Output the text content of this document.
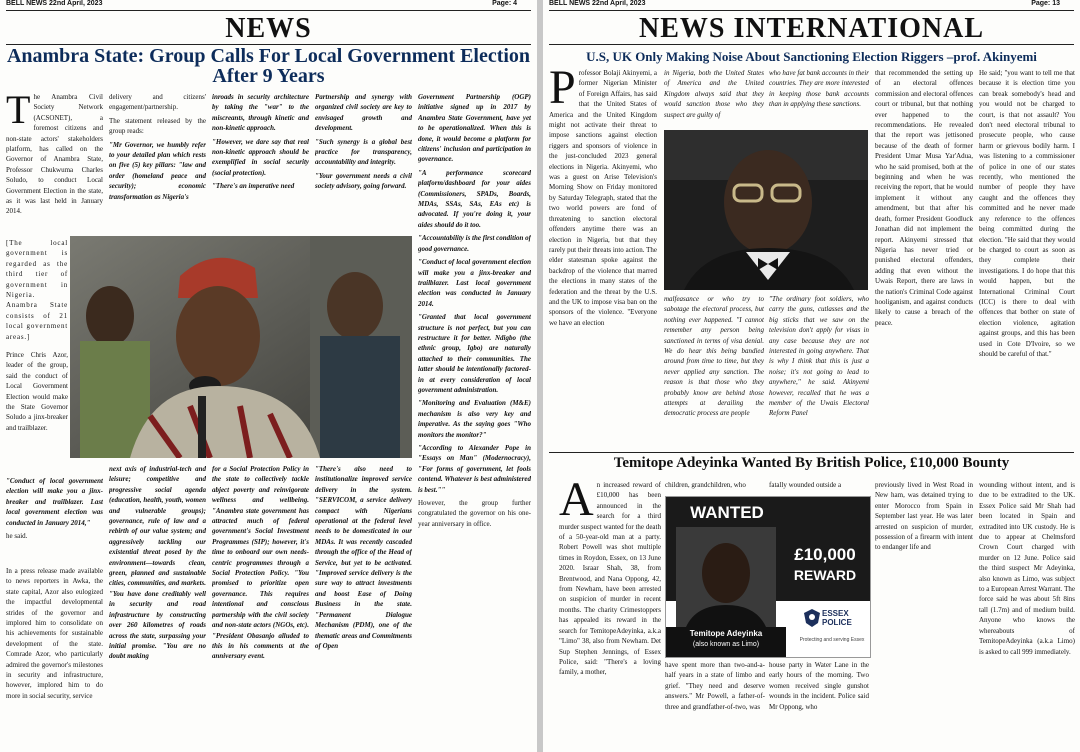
BELL NEWS 22nd April, 2023	Page: 4
NEWS
Anambra State: Group Calls For Local Government Election After 9 Years
The Anambra Civil Society Network (ACSONET), a foremost citizens and non-state actors' stakeholders platform, has called on the Governor of Anambra State, Professor Chukwuma Charles Soludo, to conduct Local Government Election in the state, as it was last held in January 2014.
[The local government is regarded as the third tier of government in Nigeria. Anambra State consists of 21 local government areas.]
Prince Chris Azor, leader of the group, said the conduct of Local Government Election would make the State Governor Soludo a jinx-breaker and trailblazer.

"Conduct of local government election will make you a jinx-breaker and trailblazer. Last local government election was conducted in January 2014,"

he said.

In a press release made available to news reporters in Awka, the state capital, Azor also eulogized the impactful developmental strides of the governor and implored him to consolidate on his achievements for sustainable development of the state. Comrade Azor, who particularly admired the governor's milestones in security and infrastructure, however, implored him to do more in social security, service

delivery and citizens' engagement/partnership.

The statement released by the group reads:

"Mr Governor, we humbly refer to your detailed plan which rests on five (5) key pillars: "law and order (homeland peace and security); economic transformation as Nigeria's

inroads in security architecture by taking the "war" to the miscreants, through kinetic and non-kinetic approach.

"However, we dare say that real non-kinetic approach should be exemplified in social security (social protection).

"There's an imperative need

Partnership and synergy with organized civil society are key to envisaged growth and development.

"Such synergy is a global best practice for transparency, accountability and integrity.

"Your government needs a civil society advisory, going forward.

next axis of industrial-tech and leisure; competitive and progressive social agenda (education, health, youth, women and vulnerable groups); governance, rule of law and a rebirth of our value system; and aggressively tackling our existential threat posed by the environment—towards clean, green, planned and sustainable cities, communities, and markets. "You have done creditably well in security and road infrastructure by constructing over 260 kilometres of roads across the state, surpassing your initial promise. "You are no doubt making
for a Social Protection Policy in the state to collectively tackle abject poverty and reinvigorate wellness and wellbeing. "Anambra state government has attracted much of federal government's Social Investment Programmes (SIP); however, it's time to onboard our own needs-centric programmes through a Social Protection Policy. "You promised to prioritize open governance. This requires intentional and conscious partnership with the civil society and non-state actors (NGOs, etc). "President Obasanjo alluded to this in his comments at the anniversary event.
"There's also need to institutionalize improved service delivery in the system. "SERVICOM, a service delivery compact with Nigerians operational at the federal level needs to be domesticated in our MDAs. It was recently cascaded through the office of the Head of Service, but yet to be activated. "Improved service delivery is the sure way to attract investments and boost Ease of Doing Business in the state. "Permanent Dialogue Mechanism (PDM), one of the thematic areas and Commitments of Open

Government Partnership (OGP) initiative signed up in 2017 by Anambra State Government, have yet to be operationalized. When this is done, it would become a platform for citizens' inclusion and participation in governance.

"A performance scorecard platform/dashboard for your aides (Commissioners, SPADs, Boards, MDAs, SSAs, SAs, EAs etc) is advocated. If you're doing it, your aides should do it too.

"Accountability is the first condition of good governance.

"Conduct of local government election will make you a jinx-breaker and trailblazer. Last local government election was conducted in January 2014.

"Granted that local government structure is not perfect, but you can restructure it for better. Ndigbo (the ethnic group, Igbo) are naturally attached to their communities. The latter should be intentionally factored-in at every consideration of local government administration.

"Monitoring and Evaluation (M&E) mechanism is also very key and imperative. As the saying goes "Who monitors the monitor?"

"According to Alexander Pope in "Essays on Man" (Modernocracy), "For forms of government, let fools contend. Whatever is best administered is best.""

However, the group further congratulated the governor on his one-year anniversary in office.

BELL NEWS 22nd April, 2023	Page: 13
NEWS INTERNATIONAL
U.S, UK Only Making Noise About Sanctioning Election Riggers –prof. Akinyemi
Professor Bolaji Akinyemi, a former Nigerian Minister of Foreign Affairs, has said that the United States of America and the United Kingdom might not activate their threat to impose sanctions against election riggers and sponsors of violence in the just-concluded 2023 general elections in Nigeria. Akinyemi, who was a guest on Arise Television's Morning Show on Friday monitored by Saturday Telegraph, stated that the two world powers are fond of threatening to sanction electoral offenders anytime there was an election in Nigeria, but that they rarely put their threats into action. The elder statesman spoke against the backdrop of the violence that marred the elections in many states of the federation and the threat by the U.S. and the UK to impose visa ban on the sponsors of the violence. "Everyone we have an election
in Nigeria, both the United States of America and the United Kingdom always said that they would sanction those who they suspect are guilty of
who have fat bank accounts in their countries. They are more interested in keeping those bank accounts than in applying these sanctions.
malfeasance or who try to sabotage the electoral process, but nothing ever happened. "I cannot remember any person being sanctioned in terms of visa denial. We do hear this being bandied around from time to time, but they never applied any sanction. The reason is that those who they probably know are behind those attempts at derailing the democratic process are people
"The ordinary foot soldiers, who carry the guns, cutlasses and the big sticks that we saw on the television don't apply for visas in any case because they are not interested in going anywhere. That is why I think that this is just a noise; it's not going to lead to anywhere," he said. Akinyemi however, recalled that he was a member of the Uwais Electoral Reform Panel
that recommended the setting up of an electoral offences commission and electoral offences court or tribunal, but that nothing ever happened to the recommendations. He revealed that the report was jettisoned because of the death of former President Umar Musa Yar'Adua, who he said promised, both at the beginning and when he was receiving the report, that he would implement it without any amendment, but that after his death, former President Goodluck Jonathan did not implement the report. Akinyemi stressed that Nigeria has never tried or punished electoral offenders, adding that even without the Uwais Report, there are laws in the nation's Criminal Code against hooliganism, and against conducts likely to cause a breach of the peace.
He said; "you want to tell me that because it is election time you can break somebody's head and you would not be charged to court, is that not assault? You don't need electoral tribunal to prosecute people, who cause harm or grievous bodily harm. I was listening to a commissioner of police in one of our states recently, who mentioned the number of people they have caught and the offences they committed and he never made any reference to the offences being committed during the election. "He said that they would be charged to court as soon as they complete their investigations. I do hope that this would happen, but the International Criminal Court (ICC) is there to deal with offences that bother on state of election violence, agitation against groups, and this has been used in Cote D'Ivoire, so we should be careful of that."
Temitope Adeyinka Wanted By British Police, £10,000 Bounty
An increased reward of £10,000 has been announced in the search for a third murder suspect wanted for the death of a 50-year-old man at a party. Robert Powell was shot multiple times in Roydon, Essex, on 13 June 2020. Israar Shah, 38, from Brentwood, and Nana Oppong, 42, from Newham, have been arrested on suspicion of murder in recent months. The charity Crimestoppers has appealed its reward in the search for TemitopeAdeyinka, a.k.a "Limo" 38, also from Newham. Det Sup Stephen Jennings, of Essex Police, said: "There's a loving family, a mother,
children, grandchildren, who	fatally wounded outside a
WANTED
£10,000
REWARD
Temitope Adeyinka
(also known as Limo)
ESSEX POLICE
Protecting and serving Essex
have spent more than two-and-a-half years in a state of limbo and grief. "They need and deserve answers." Mr Powell, a father-of-three and grandfather-of-two, was
house party in Water Lane in the early hours of the morning. Two women received single gunshot wounds in the incident. Police said Mr Oppong, who
previously lived in West Road in New ham, was detained trying to enter Morocco from Spain in September last year. He was later arrested on suspicion of murder, possession of a firearm with intent to endanger life and
wounding without intent, and is due to be extradited to the UK. Essex Police said Mr Shah had been located in Spain and extradited into UK custody. He is due to appear at Chelmsford Crown Court charged with murder on 12 June. Police said the third suspect Mr Adeyinka, also known as Limo, was subject to a European Arrest Warrant. The force said he was about 5ft 8ins tall (1.7m) and of medium build. Anyone who knows the whereabouts of TemitopeAdeyinka (a.k.a Limo) is asked to call 999 immediately.
